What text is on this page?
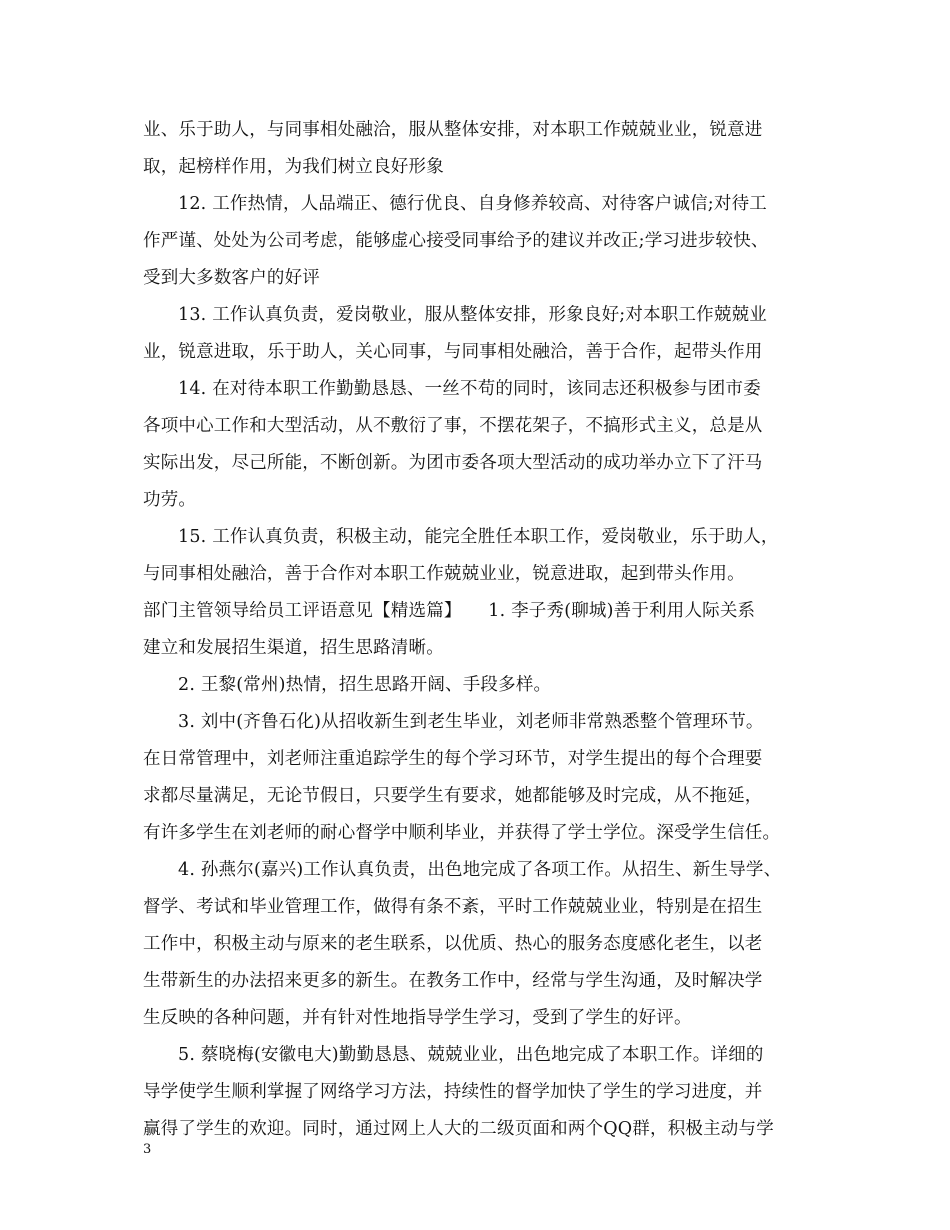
业、乐于助人，与同事相处融洽，服从整体安排，对本职工作兢兢业业，锐意进

取，起榜样作用，为我们树立良好形象

12. 工作热情，人品端正、德行优良、自身修养较高、对待客户诚信;对待工

作严谨、处处为公司考虑，能够虚心接受同事给予的建议并改正;学习进步较快、

受到大多数客户的好评

13. 工作认真负责，爱岗敬业，服从整体安排，形象良好;对本职工作兢兢业

业，锐意进取，乐于助人，关心同事，与同事相处融洽，善于合作，起带头作用

14. 在对待本职工作勤勤恳恳、一丝不苟的同时，该同志还积极参与团市委

各项中心工作和大型活动，从不敷衍了事，不摆花架子，不搞形式主义，总是从

实际出发，尽己所能，不断创新。为团市委各项大型活动的成功举办立下了汗马

功劳。

15. 工作认真负责，积极主动，能完全胜任本职工作，爱岗敬业，乐于助人，

与同事相处融洽，善于合作对本职工作兢兢业业，锐意进取，起到带头作用。

部门主管领导给员工评语意见【精选篇】　　1. 李子秀(聊城)善于利用人际关系

建立和发展招生渠道，招生思路清晰。

2. 王黎(常州)热情，招生思路开阔、手段多样。

3. 刘中(齐鲁石化)从招收新生到老生毕业，刘老师非常熟悉整个管理环节。

在日常管理中，刘老师注重追踪学生的每个学习环节，对学生提出的每个合理要

求都尽量满足，无论节假日，只要学生有要求，她都能够及时完成，从不拖延，

有许多学生在刘老师的耐心督学中顺利毕业，并获得了学士学位。深受学生信任。

4. 孙燕尔(嘉兴)工作认真负责，出色地完成了各项工作。从招生、新生导学、

督学、考试和毕业管理工作，做得有条不紊，平时工作兢兢业业，特别是在招生

工作中，积极主动与原来的老生联系，以优质、热心的服务态度感化老生，以老

生带新生的办法招来更多的新生。在教务工作中，经常与学生沟通，及时解决学

生反映的各种问题，并有针对性地指导学生学习，受到了学生的好评。

5. 蔡晓梅(安徽电大)勤勤恳恳、兢兢业业，出色地完成了本职工作。详细的

导学使学生顺利掌握了网络学习方法，持续性的督学加快了学生的学习进度，并

赢得了学生的欢迎。同时，通过网上人大的二级页面和两个QQ群，积极主动与学

3
